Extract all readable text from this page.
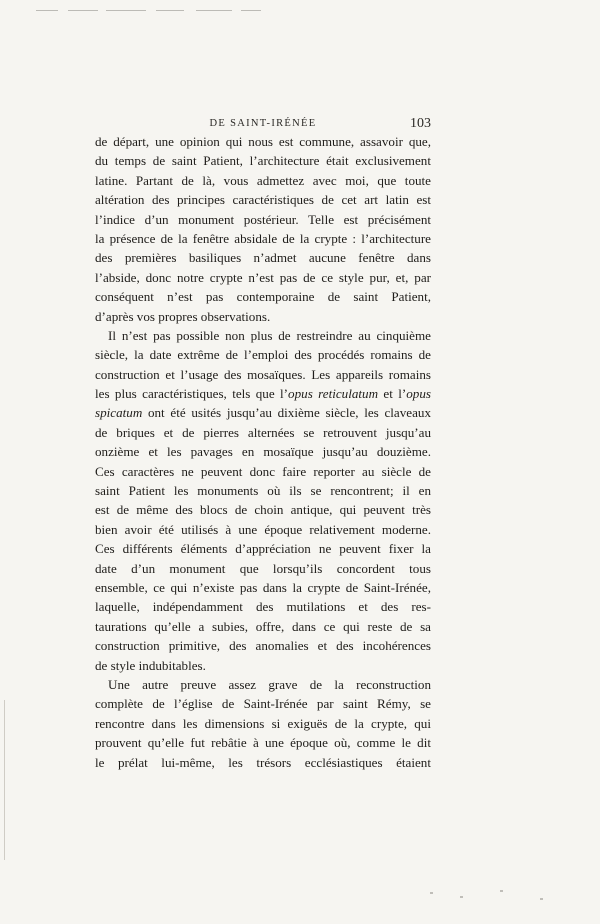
DE SAINT-IRÉNÉE	103
de départ, une opinion qui nous est commune, assavoir que,
du temps de saint Patient, l’architecture était exclusivement
latine. Partant de là, vous admettez avec moi, que toute
altération des principes caractéristiques de cet art latin est
l’indice d’un monument postérieur. Telle est précisément
la présence de la fenêtre absidale de la crypte : l’architecture
des premières basiliques n’admet aucune fenêtre dans
l’abside, donc notre crypte n’est pas de ce style pur, et, par
conséquent n’est pas contemporaine de saint Patient,
d’après vos propres observations.
Il n’est pas possible non plus de restreindre au cinquième
siècle, la date extrême de l’emploi des procédés romains de
construction et l’usage des mosaïques. Les appareils romains
les plus caractéristiques, tels que l’opus reticulatum et l’opus
spicatum ont été usités jusqu’au dixième siècle, les claveaux
de briques et de pierres alternées se retrouvent jusqu’au
onzième et les pavages en mosaïque jusqu’au douzième.
Ces caractères ne peuvent donc faire reporter au siècle de
saint Patient les monuments où ils se rencontrent; il en
est de même des blocs de choin antique, qui peuvent très
bien avoir été utilisés à une époque relativement moderne.
Ces différents éléments d’appréciation ne peuvent fixer la
date d’un monument que lorsqu’ils concordent tous
ensemble, ce qui n’existe pas dans la crypte de Saint-Irénée,
laquelle, indépendamment des mutilations et des res-
taurations qu’elle a subies, offre, dans ce qui reste de sa
construction primitive, des anomalies et des incohérences
de style indubitables.
Une autre preuve assez grave de la reconstruction
complète de l’église de Saint-Irénée par saint Rémy, se
rencontre dans les dimensions si exiguës de la crypte, qui
prouvent qu’elle fut rebâtie à une époque où, comme le dit
le prélat lui-même, les trésors ecclésiastiques étaient
